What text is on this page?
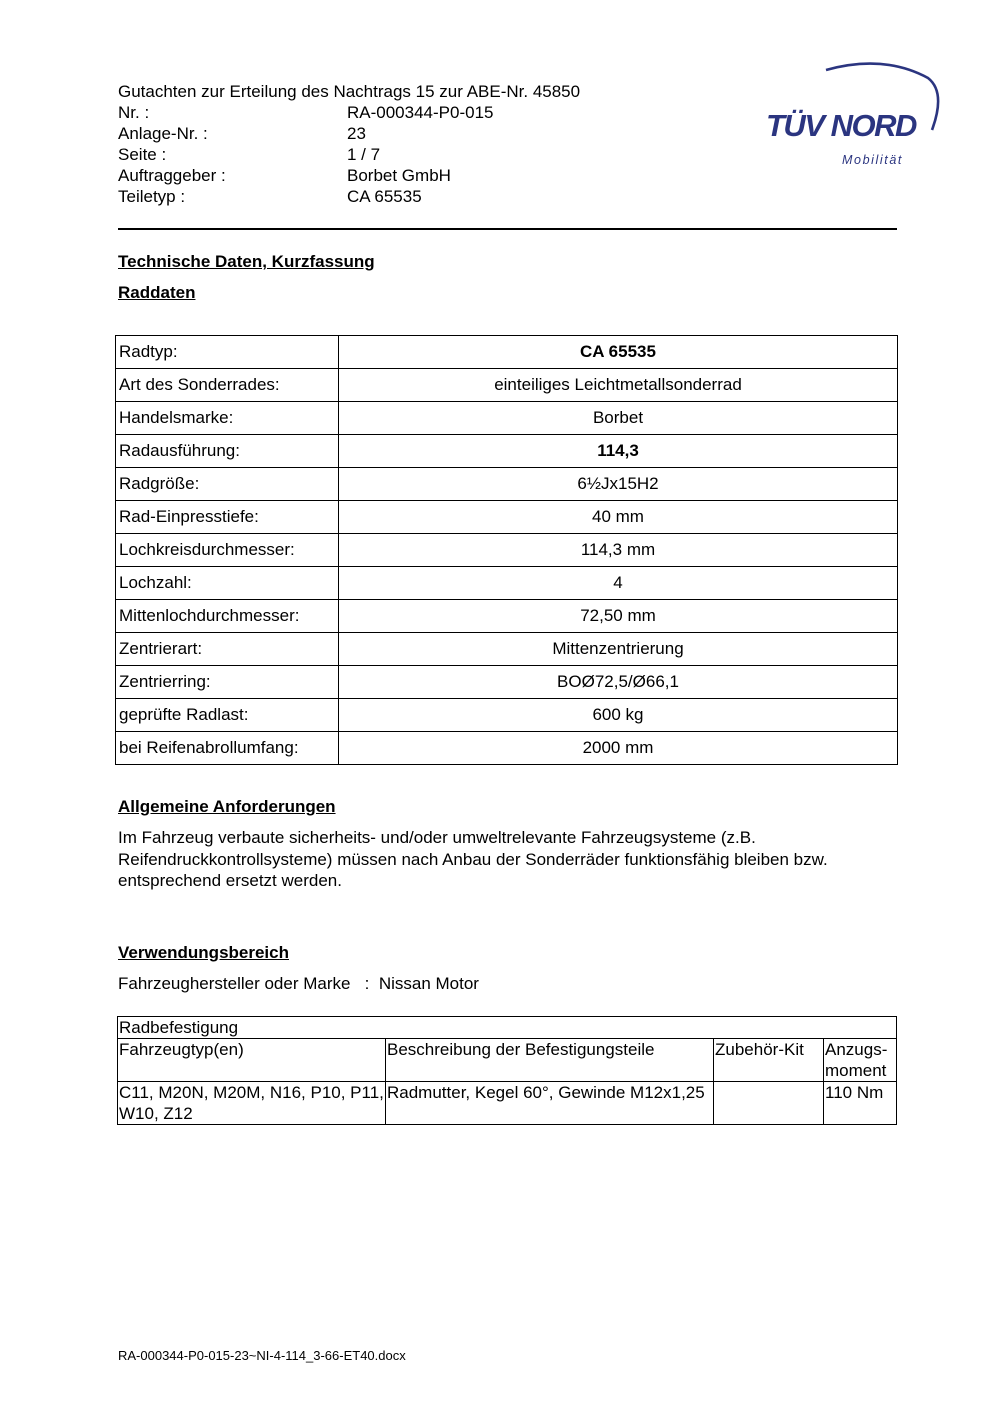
Gutachten zur Erteilung des Nachtrags 15 zur ABE-Nr. 45850
Nr. :	RA-000344-P0-015
Anlage-Nr. :	23
Seite :	1 / 7
Auftraggeber :	Borbet GmbH
Teiletyp :	CA 65535
TÜV NORD
Mobilität
Technische Daten, Kurzfassung
Raddaten
Radtyp:	CA 65535
Art des Sonderrades:	einteiliges Leichtmetallsonderrad
Handelsmarke:	Borbet
Radausführung:	114,3
Radgröße:	6½Jx15H2
Rad-Einpresstiefe:	40 mm
Lochkreisdurchmesser:	114,3 mm
Lochzahl:	4
Mittenlochdurchmesser:	72,50 mm
Zentrierart:	Mittenzentrierung
Zentrierring:	BOØ72,5/Ø66,1
geprüfte Radlast:	600 kg
bei Reifenabrollumfang:	2000 mm
Allgemeine Anforderungen
Im Fahrzeug verbaute sicherheits- und/oder umweltrelevante Fahrzeugsysteme (z.B. Reifendruckkontrollsysteme) müssen nach Anbau der Sonderräder funktionsfähig bleiben bzw. entsprechend ersetzt werden.
Verwendungsbereich
Fahrzeughersteller oder Marke : Nissan Motor
Radbefestigung			
Fahrzeugtyp(en)	Beschreibung der Befestigungsteile	Zubehör-Kit	Anzugs-moment
C11, M20N, M20M, N16, P10, P11, W10, Z12	Radmutter, Kegel 60°, Gewinde M12x1,25		110 Nm
RA-000344-P0-015-23~NI-4-114_3-66-ET40.docx
